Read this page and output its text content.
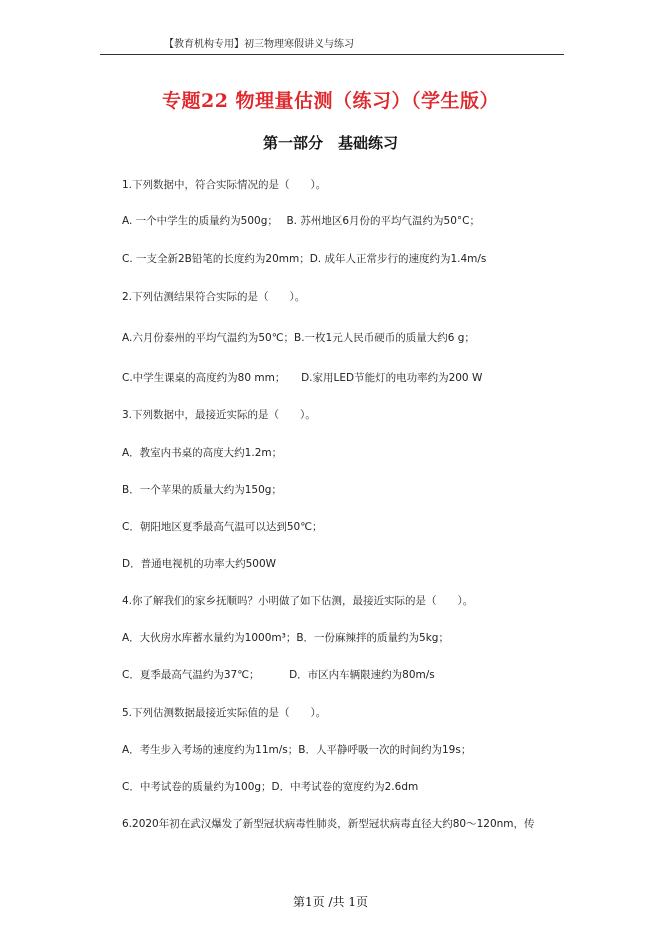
【教育机构专用】初三物理寒假讲义与练习
专题22 物理量估测（练习）（学生版）
第一部分　基础练习
1.下列数据中，符合实际情况的是（　　）。
A. 一个中学生的质量约为500g；　 B. 苏州地区6月份的平均气温约为50°C；
C. 一支全新2B铅笔的长度约为20mm；D. 成年人正常步行的速度约为1.4m/s
2.下列估测结果符合实际的是（　　）。
A.六月份泰州的平均气温约为50℃；B.一枚1元人民币硬币的质量大约6 g；
C.中学生课桌的高度约为80 mm；　　D.家用LED节能灯的电功率约为200 W
3.下列数据中，最接近实际的是（　　）。
A．教室内书桌的高度大约1.2m；
B．一个苹果的质量大约为150g；
C．朝阳地区夏季最高气温可以达到50℃；
D．普通电视机的功率大约500W
4.你了解我们的家乡抚顺吗？小明做了如下估测，最接近实际的是（　　）。
A．大伙房水库蓄水量约为1000m³；B．一份麻辣拌的质量约为5kg；
C．夏季最高气温约为37℃；　　　 D．市区内车辆限速约为80m/s
5.下列估测数据最接近实际值的是（　　）。
A．考生步入考场的速度约为11m/s；B．人平静呼吸一次的时间约为19s；
C．中考试卷的质量约为100g；D．中考试卷的宽度约为2.6dm
6.2020年初在武汉爆发了新型冠状病毒性肺炎，新型冠状病毒直径大约80～120nm，传
第1页 /共 1页
